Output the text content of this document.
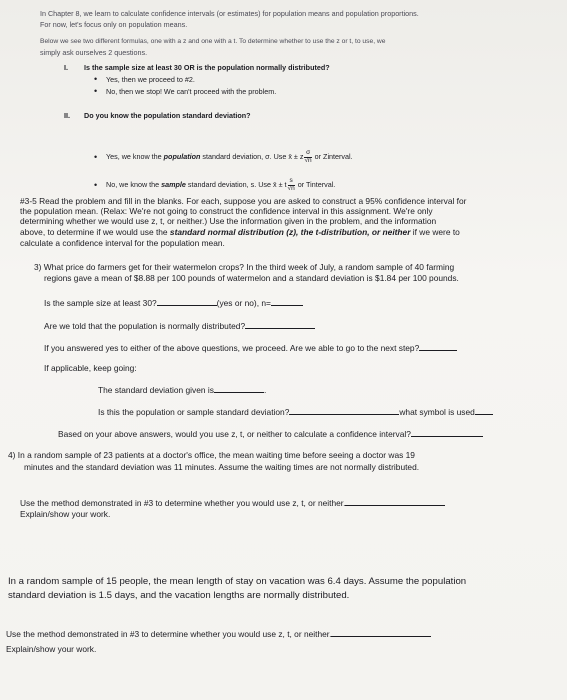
In Chapter 8, we learn to calculate confidence intervals (or estimates) for population means and population proportions.
For now, let's focus only on population means.
Below we see two different formulas, one with a z and one with a t. To determine whether to use the z or t, to use, we
simply ask ourselves 2 questions.
I. Is the sample size at least 30 OR is the population normally distributed?
• Yes, then we proceed to #2.
• No, then we stop! We can't proceed with the problem.
II. Do you know the population standard deviation?
• Yes, we know the population standard deviation, σ. Use x̄ ± z $\frac{\sigma}{√n}$ or Zinterval.
• No, we know the sample standard deviation, s. Use x̄ ± t $\frac{s}{√n}$ or Tinterval.
#3-5 Read the problem and fill in the blanks. For each, suppose you are asked to construct a 95% confidence interval for
the population mean. (Relax: We're not going to construct the confidence interval in this assignment. We're only
determining whether we would use z, t, or neither.) Use the information given in the problem, and the information
above, to determine if we would use the standard normal distribution (z), the t-distribution, or neither if we were to
calculate a confidence interval for the population mean.
3) What price do farmers get for their watermelon crops? In the third week of July, a random sample of 40 farming
regions gave a mean of $8.88 per 100 pounds of watermelon and a standard deviation is $1.84 per 100 pounds.
Is the sample size at least 30?	(yes or no), n=
Are we told that the population is normally distributed?
If you answered yes to either of the above questions, we proceed. Are we able to go to the next step?
If applicable, keep going:
The standard deviation given is	.
Is this the population or sample standard deviation?	what symbol is used
Based on your above answers, would you use z, t, or neither to calculate a confidence interval?
4) In a random sample of 23 patients at a doctor's office, the mean waiting time before seeing a doctor was 19
minutes and the standard deviation was 11 minutes. Assume the waiting times are not normally distributed.
Use the method demonstrated in #3 to determine whether you would use z, t, or neither.
Explain/show your work.
In a random sample of 15 people, the mean length of stay on vacation was 6.4 days. Assume the population
standard deviation is 1.5 days, and the vacation lengths are normally distributed.
Use the method demonstrated in #3 to determine whether you would use z, t, or neither.
Explain/show your work.
